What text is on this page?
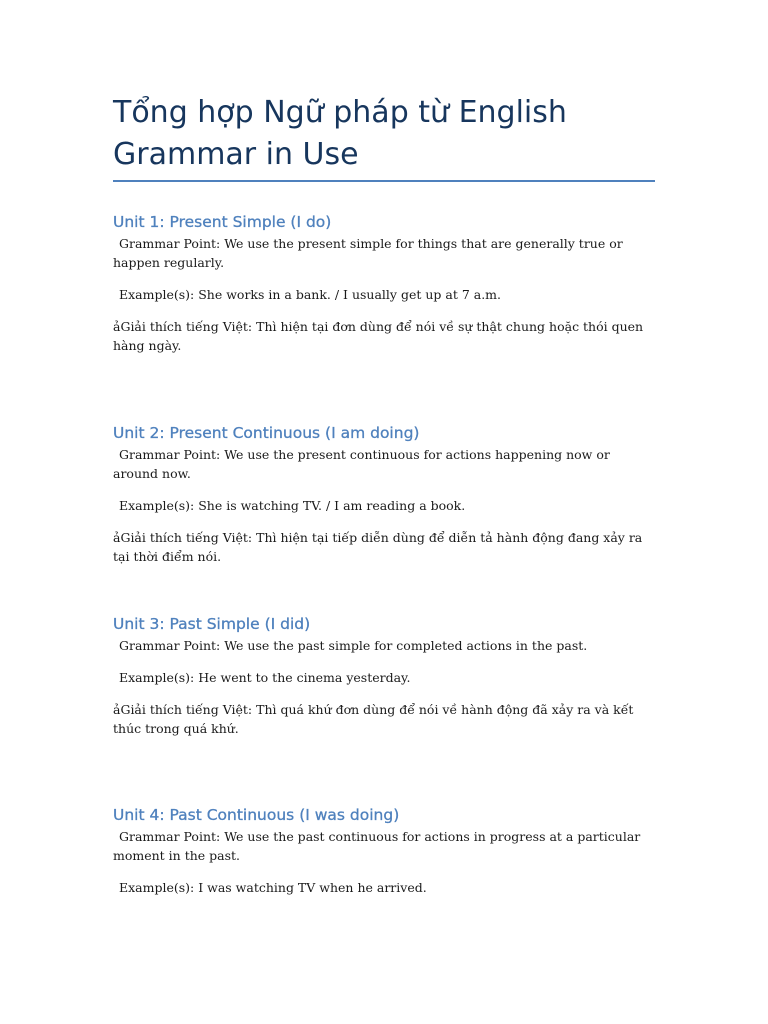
Tổng hợp Ngữ pháp từ English Grammar in Use
Unit 1: Present Simple (I do)

Grammar Point: We use the present simple for things that are generally true or happen regularly.

Example(s): She works in a bank. / I usually get up at 7 a.m.

ảGiải thích tiếng Việt: Thì hiện tại đơn dùng để nói về sự thật chung hoặc thói quen hàng ngày.

Unit 2: Present Continuous (I am doing)

Grammar Point: We use the present continuous for actions happening now or around now.

Example(s): She is watching TV. / I am reading a book.

ảGiải thích tiếng Việt: Thì hiện tại tiếp diễn dùng để diễn tả hành động đang xảy ra tại thời điểm nói.

Unit 3: Past Simple (I did)

Grammar Point: We use the past simple for completed actions in the past.

Example(s): He went to the cinema yesterday.

ảGiải thích tiếng Việt: Thì quá khứ đơn dùng để nói về hành động đã xảy ra và kết thúc trong quá khứ.

Unit 4: Past Continuous (I was doing)

Grammar Point: We use the past continuous for actions in progress at a particular moment in the past.

Example(s): I was watching TV when he arrived.
